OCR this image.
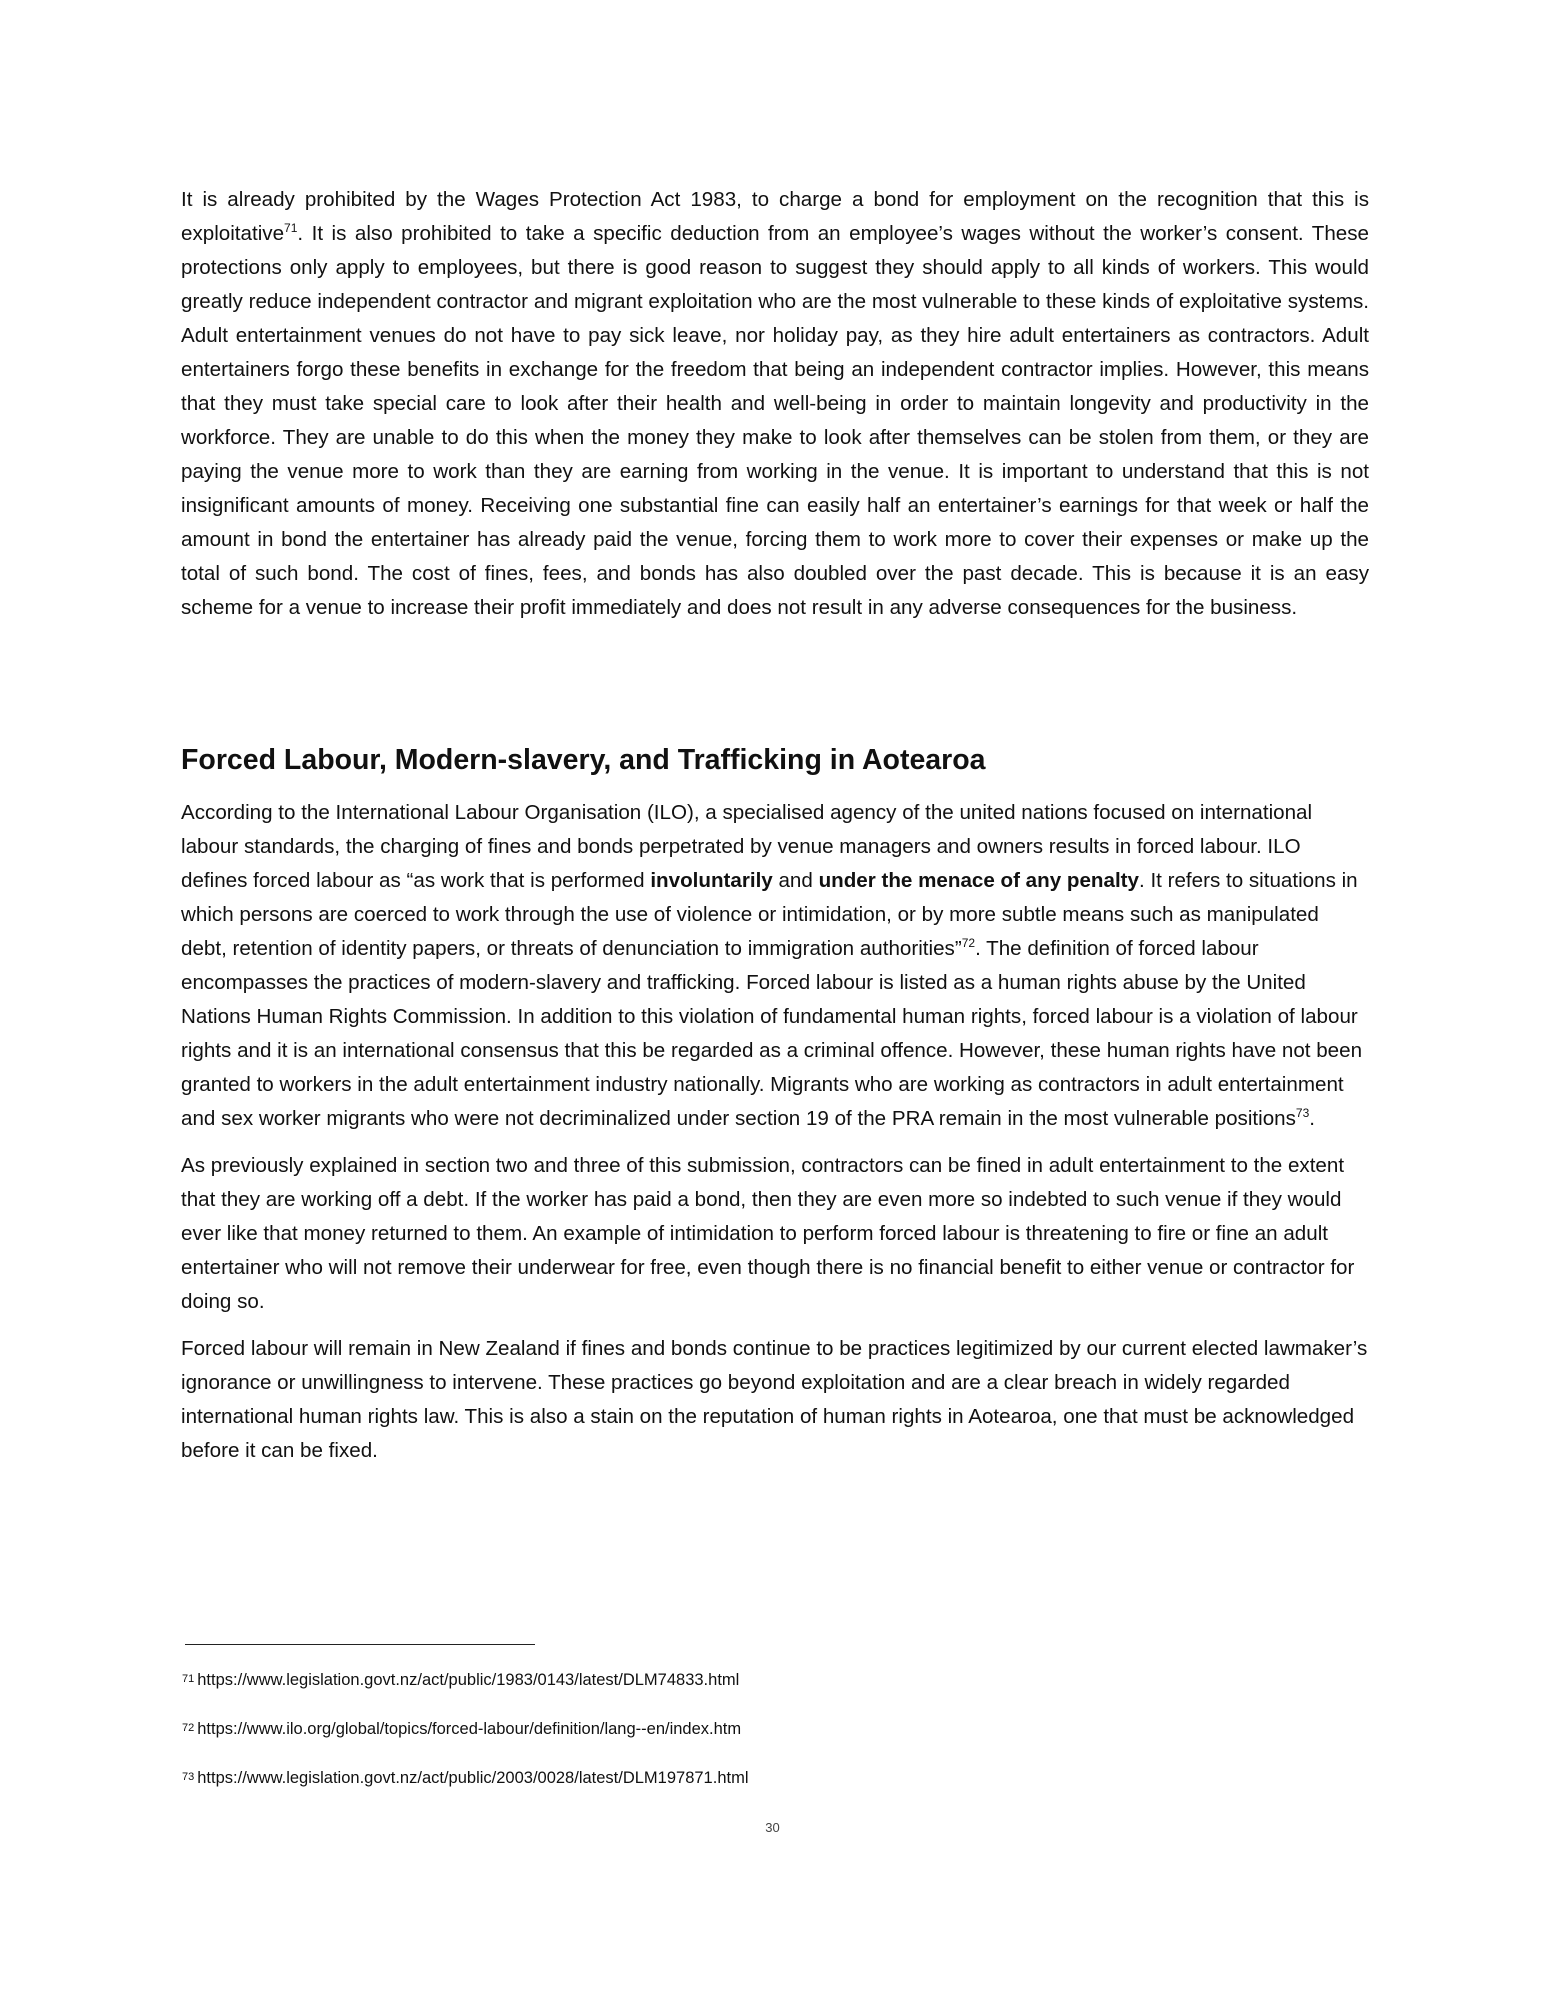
It is already prohibited by the Wages Protection Act 1983, to charge a bond for employment on the recognition that this is exploitative$^{71}$. It is also prohibited to take a specific deduction from an employee’s wages without the worker’s consent. These protections only apply to employees, but there is good reason to suggest they should apply to all kinds of workers. This would greatly reduce independent contractor and migrant exploitation who are the most vulnerable to these kinds of exploitative systems. Adult entertainment venues do not have to pay sick leave, nor holiday pay, as they hire adult entertainers as contractors. Adult entertainers forgo these benefits in exchange for the freedom that being an independent contractor implies. However, this means that they must take special care to look after their health and well-being in order to maintain longevity and productivity in the workforce. They are unable to do this when the money they make to look after themselves can be stolen from them, or they are paying the venue more to work than they are earning from working in the venue. It is important to understand that this is not insignificant amounts of money. Receiving one substantial fine can easily half an entertainer’s earnings for that week or half the amount in bond the entertainer has already paid the venue, forcing them to work more to cover their expenses or make up the total of such bond. The cost of fines, fees, and bonds has also doubled over the past decade. This is because it is an easy scheme for a venue to increase their profit immediately and does not result in any adverse consequences for the business.

Forced Labour, Modern-slavery, and Trafficking in Aotearoa

According to the International Labour Organisation (ILO), a specialised agency of the united nations focused on international labour standards, the charging of fines and bonds perpetrated by venue managers and owners results in forced labour. ILO defines forced labour as “as work that is performed involuntarily and under the menace of any penalty. It refers to situations in which persons are coerced to work through the use of violence or intimidation, or by more subtle means such as manipulated debt, retention of identity papers, or threats of denunciation to immigration authorities”$^{72}$. The definition of forced labour encompasses the practices of modern-slavery and trafficking. Forced labour is listed as a human rights abuse by the United Nations Human Rights Commission. In addition to this violation of fundamental human rights, forced labour is a violation of labour rights and it is an international consensus that this be regarded as a criminal offence. However, these human rights have not been granted to workers in the adult entertainment industry nationally. Migrants who are working as contractors in adult entertainment and sex worker migrants who were not decriminalized under section 19 of the PRA remain in the most vulnerable positions$^{73}$.

As previously explained in section two and three of this submission, contractors can be fined in adult entertainment to the extent that they are working off a debt. If the worker has paid a bond, then they are even more so indebted to such venue if they would ever like that money returned to them. An example of intimidation to perform forced labour is threatening to fire or fine an adult entertainer who will not remove their underwear for free, even though there is no financial benefit to either venue or contractor for doing so.

Forced labour will remain in New Zealand if fines and bonds continue to be practices legitimized by our current elected lawmaker’s ignorance or unwillingness to intervene. These practices go beyond exploitation and are a clear breach in widely regarded international human rights law. This is also a stain on the reputation of human rights in Aotearoa, one that must be acknowledged before it can be fixed.

71 https://www.legislation.govt.nz/act/public/1983/0143/latest/DLM74833.html
72 https://www.ilo.org/global/topics/forced-labour/definition/lang--en/index.htm
73 https://www.legislation.govt.nz/act/public/2003/0028/latest/DLM197871.html
30
